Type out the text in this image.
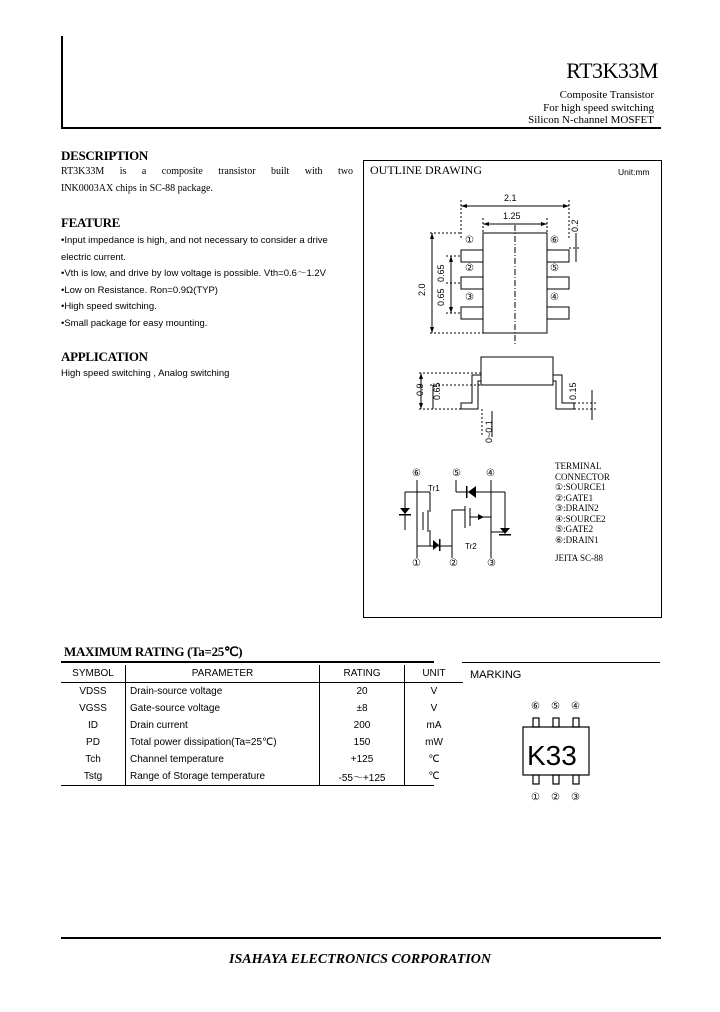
RT3K33M
Composite Transistor
For high speed switching
Silicon N-channel MOSFET
DESCRIPTION
RT3K33M is a composite transistor built with two
INK0003AX chips in SC-88 package.
FEATURE
•Input impedance is high, and not necessary to consider a drive
electric current.
•Vth is low, and drive by low voltage is possible. Vth=0.6～1.2V
•Low on Resistance. Ron=0.9Ω(TYP)
•High speed switching.
•Small package for easy mounting.
APPLICATION
High speed switching , Analog switching
OUTLINE DRAWING	Unit:mm
2.1
1.25
0.2
2.0 0.65
0.65
0.9 0.65	0.15
0~0.1
①
②
③
⑥
⑤
④
⑥	⑤	④
①	②	③
Tr1
Tr2
TERMINAL
CONNECTOR
①:SOURCE1
②:GATE1
③:DRAIN2
④:SOURCE2
⑤:GATE2
⑥:DRAIN1
JEITA SC-88
MAXIMUM RATING (Ta=25℃)
SYMBOL	PARAMETER	RATING	UNIT
VDSS	Drain-source voltage	20	V
VGSS	Gate-source voltage	±8	V
ID	Drain current	200	mA
PD	Total power dissipation(Ta=25℃)	150	mW
Tch	Channel temperature	+125	℃
Tstg	Range of Storage temperature	-55～+125	℃
MARKING
K33
⑥ ⑤ ④
① ② ③
ISAHAYA ELECTRONICS CORPORATION
